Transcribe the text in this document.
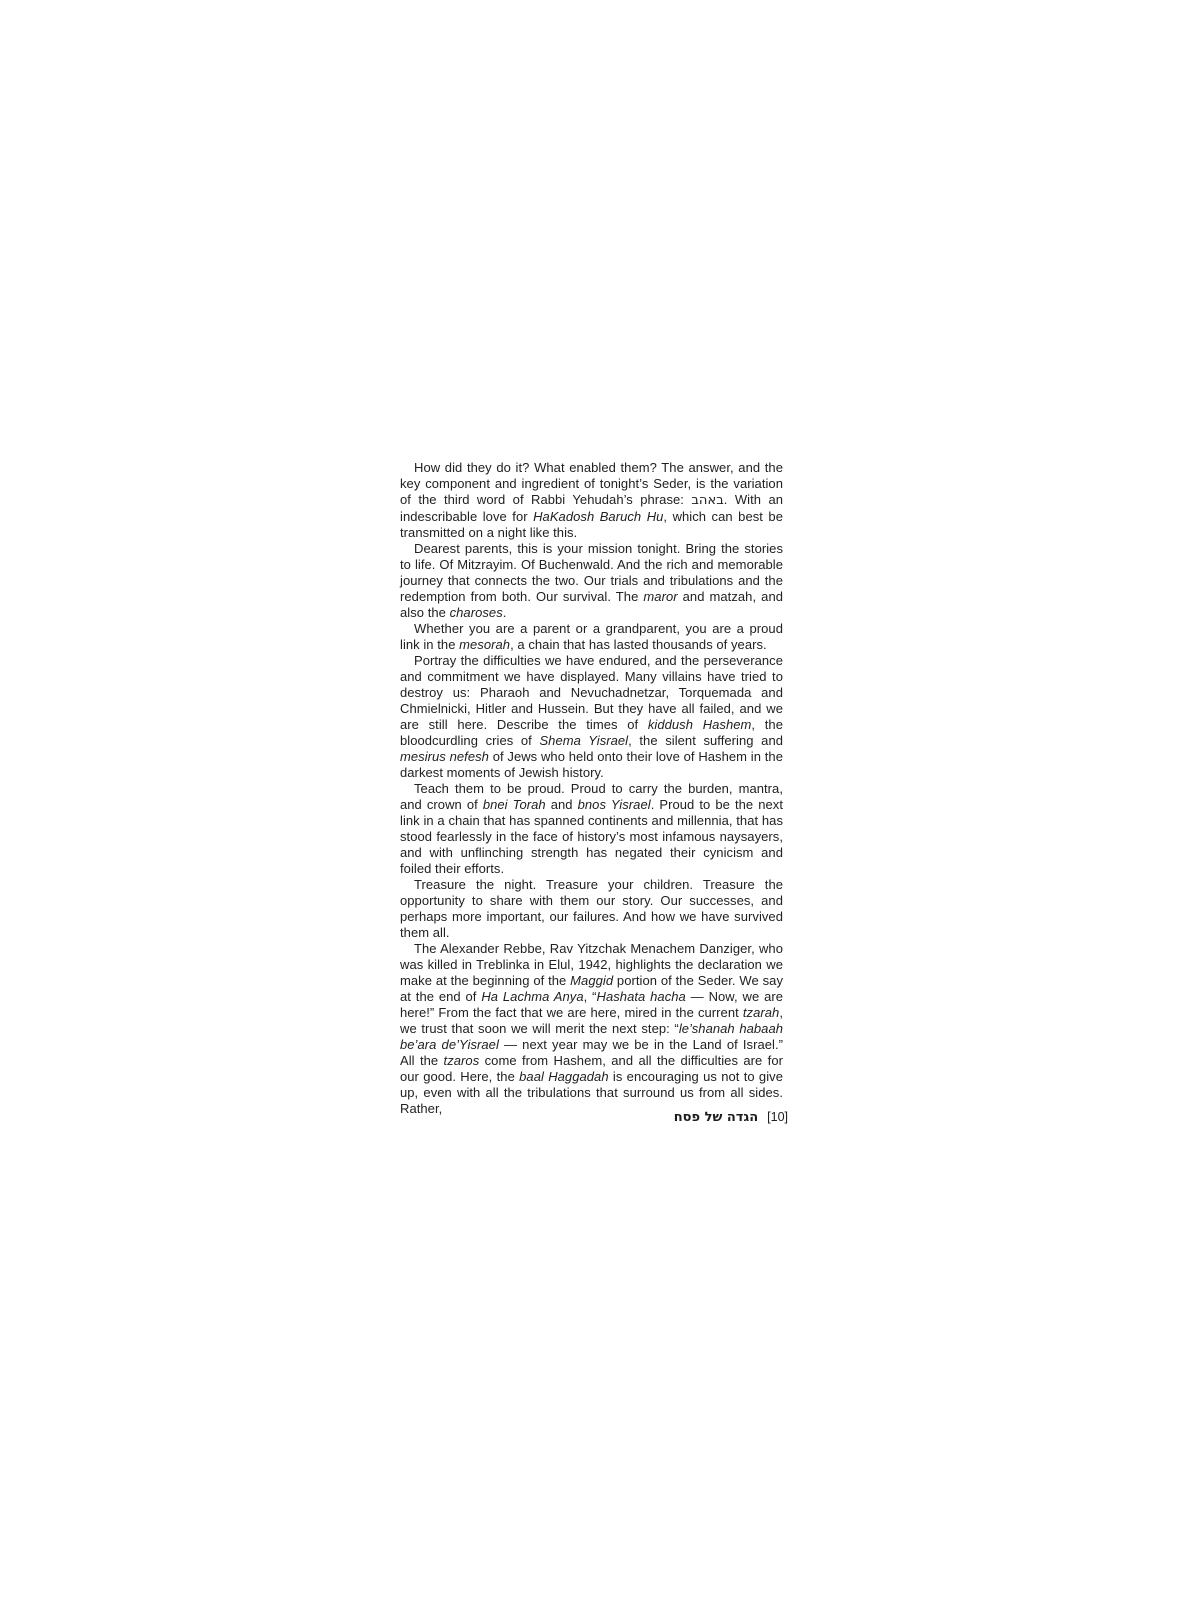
How did they do it? What enabled them? The answer, and the key component and ingredient of tonight’s Seder, is the variation of the third word of Rabbi Yehudah’s phrase: באהב. With an indescribable love for HaKadosh Baruch Hu, which can best be transmitted on a night like this.

Dearest parents, this is your mission tonight. Bring the stories to life. Of Mitzrayim. Of Buchenwald. And the rich and memorable journey that connects the two. Our trials and tribulations and the redemption from both. Our survival. The maror and matzah, and also the charoses.

Whether you are a parent or a grandparent, you are a proud link in the mesorah, a chain that has lasted thousands of years.

Portray the difficulties we have endured, and the perseverance and commitment we have displayed. Many villains have tried to destroy us: Pharaoh and Nevuchadnetzar, Torquemada and Chmielnicki, Hitler and Hussein. But they have all failed, and we are still here. Describe the times of kiddush Hashem, the bloodcurdling cries of Shema Yisrael, the silent suffering and mesirus nefesh of Jews who held onto their love of Hashem in the darkest moments of Jewish history.

Teach them to be proud. Proud to carry the burden, mantra, and crown of bnei Torah and bnos Yisrael. Proud to be the next link in a chain that has spanned continents and millennia, that has stood fearlessly in the face of history’s most infamous naysayers, and with unflinching strength has negated their cynicism and foiled their efforts.

Treasure the night. Treasure your children. Treasure the opportunity to share with them our story. Our successes, and perhaps more important, our failures. And how we have survived them all.

The Alexander Rebbe, Rav Yitzchak Menachem Danziger, who was killed in Treblinka in Elul, 1942, highlights the declaration we make at the beginning of the Maggid portion of the Seder. We say at the end of Ha Lachma Anya, “Hashata hacha — Now, we are here!” From the fact that we are here, mired in the current tzarah, we trust that soon we will merit the next step: “le’shanah habaah be’ara de’Yisrael — next year may we be in the Land of Israel.” All the tzaros come from Hashem, and all the difficulties are for our good. Here, the baal Haggadah is encouraging us not to give up, even with all the tribulations that surround us from all sides. Rather,

הגדה של פסח [10]
